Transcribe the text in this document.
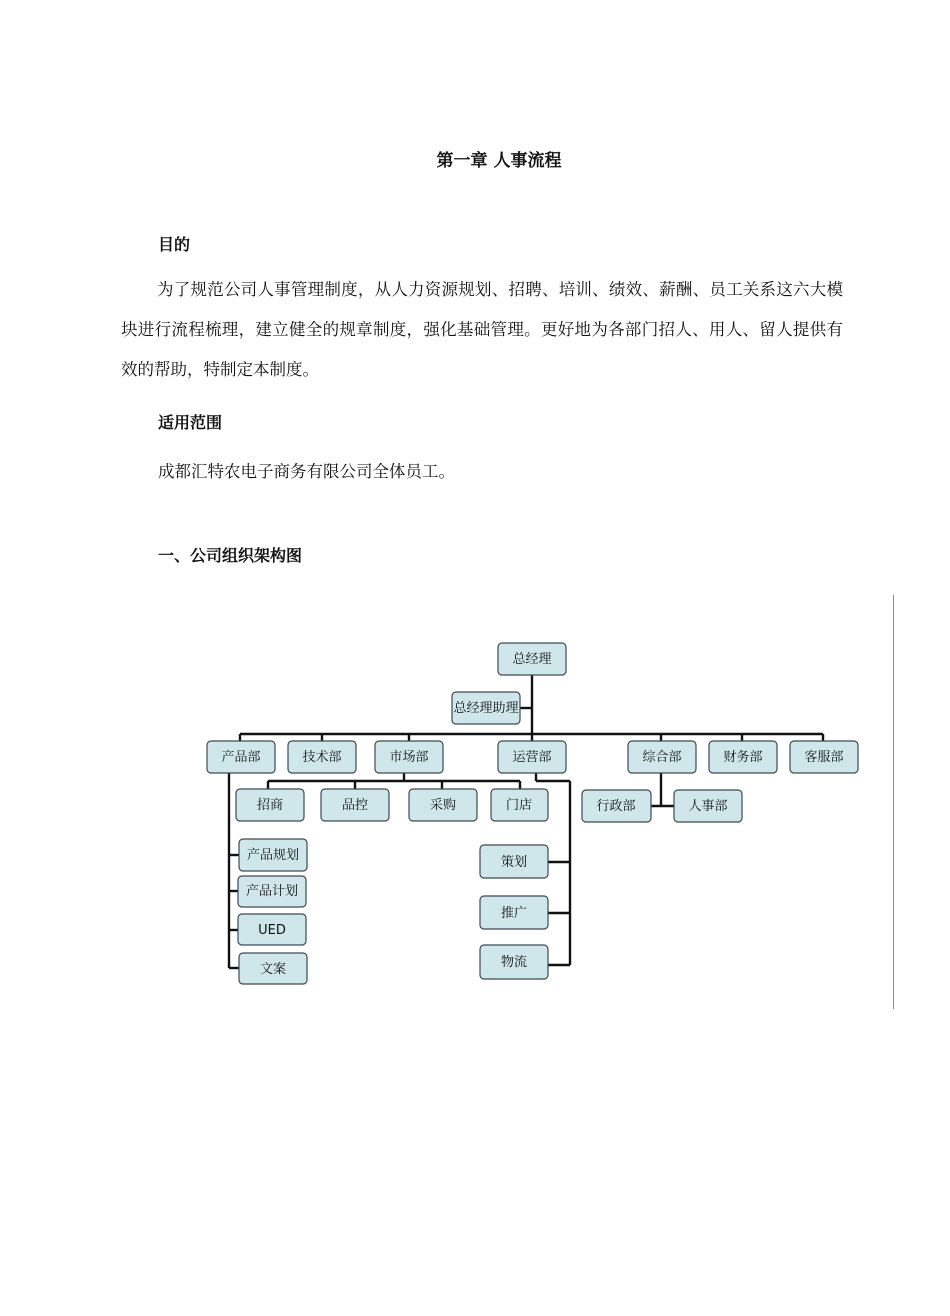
第一章 人事流程
目的
为了规范公司人事管理制度，从人力资源规划、招聘、培训、绩效、薪酬、员工关系这六大模块进行流程梳理，建立健全的规章制度，强化基础管理。更好地为各部门招人、用人、留人提供有效的帮助，特制定本制度。
适用范围
成都汇特农电子商务有限公司全体员工。
一、公司组织架构图
总经理
总经理助理
产品部	技术部	市场部	运营部	综合部	财务部	客服部
招商	品控	采购	门店	行政部	人事部
产品规划
产品计划
UED
文案
策划
推广
物流
